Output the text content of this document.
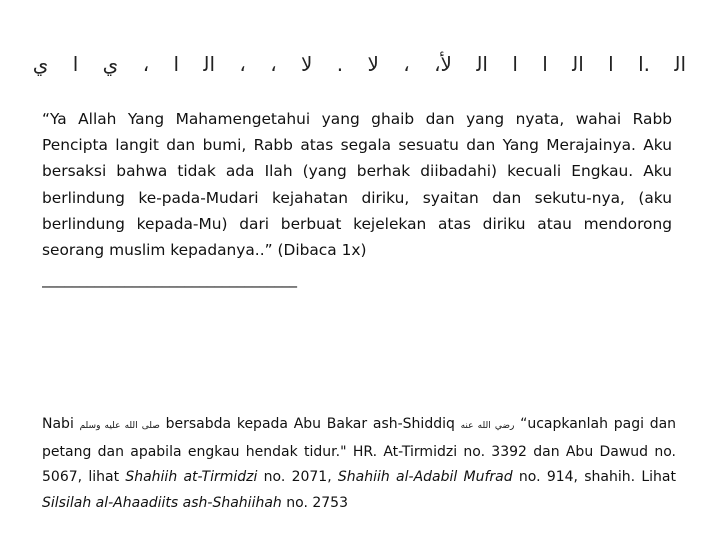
ﺍﻟ .ﺍ ﺍ ﺍﻟ ﺍ ﺍ ﺍﻟ ﻷ، ، ﻻ . ﻻ ، ، ﺍﻟ ﺍ ، ﻱ ﺍ ﻱ

“Ya Allah Yang Mahamengetahui yang ghaib dan yang nyata, wahai Rabb Pencipta langit dan bumi, Rabb atas segala sesuatu dan Yang Merajainya. Aku bersaksi bahwa tidak ada Ilah (yang berhak diibadahi) kecuali Engkau. Aku berlindung ke-pada-Mudari kejahatan diriku, syaitan dan sekutu-nya, (aku berlindung kepada-Mu) dari berbuat kejelekan atas diriku atau mendorong seorang muslim kepadanya..” (Dibaca 1x)

__________________________________

Nabi صلى الله عليه وسلم bersabda kepada Abu Bakar ash-Shiddiq رضي الله عنه “ucapkanlah pagi dan petang dan apabila engkau hendak tidur." HR. At-Tirmidzi no. 3392 dan Abu Dawud no. 5067, lihat Shahiih at-Tirmidzi no. 2071, Shahiih al-Adabil Mufrad no. 914, shahih. Lihat Silsilah al-Ahaadiits ash-Shahiihah no. 2753
